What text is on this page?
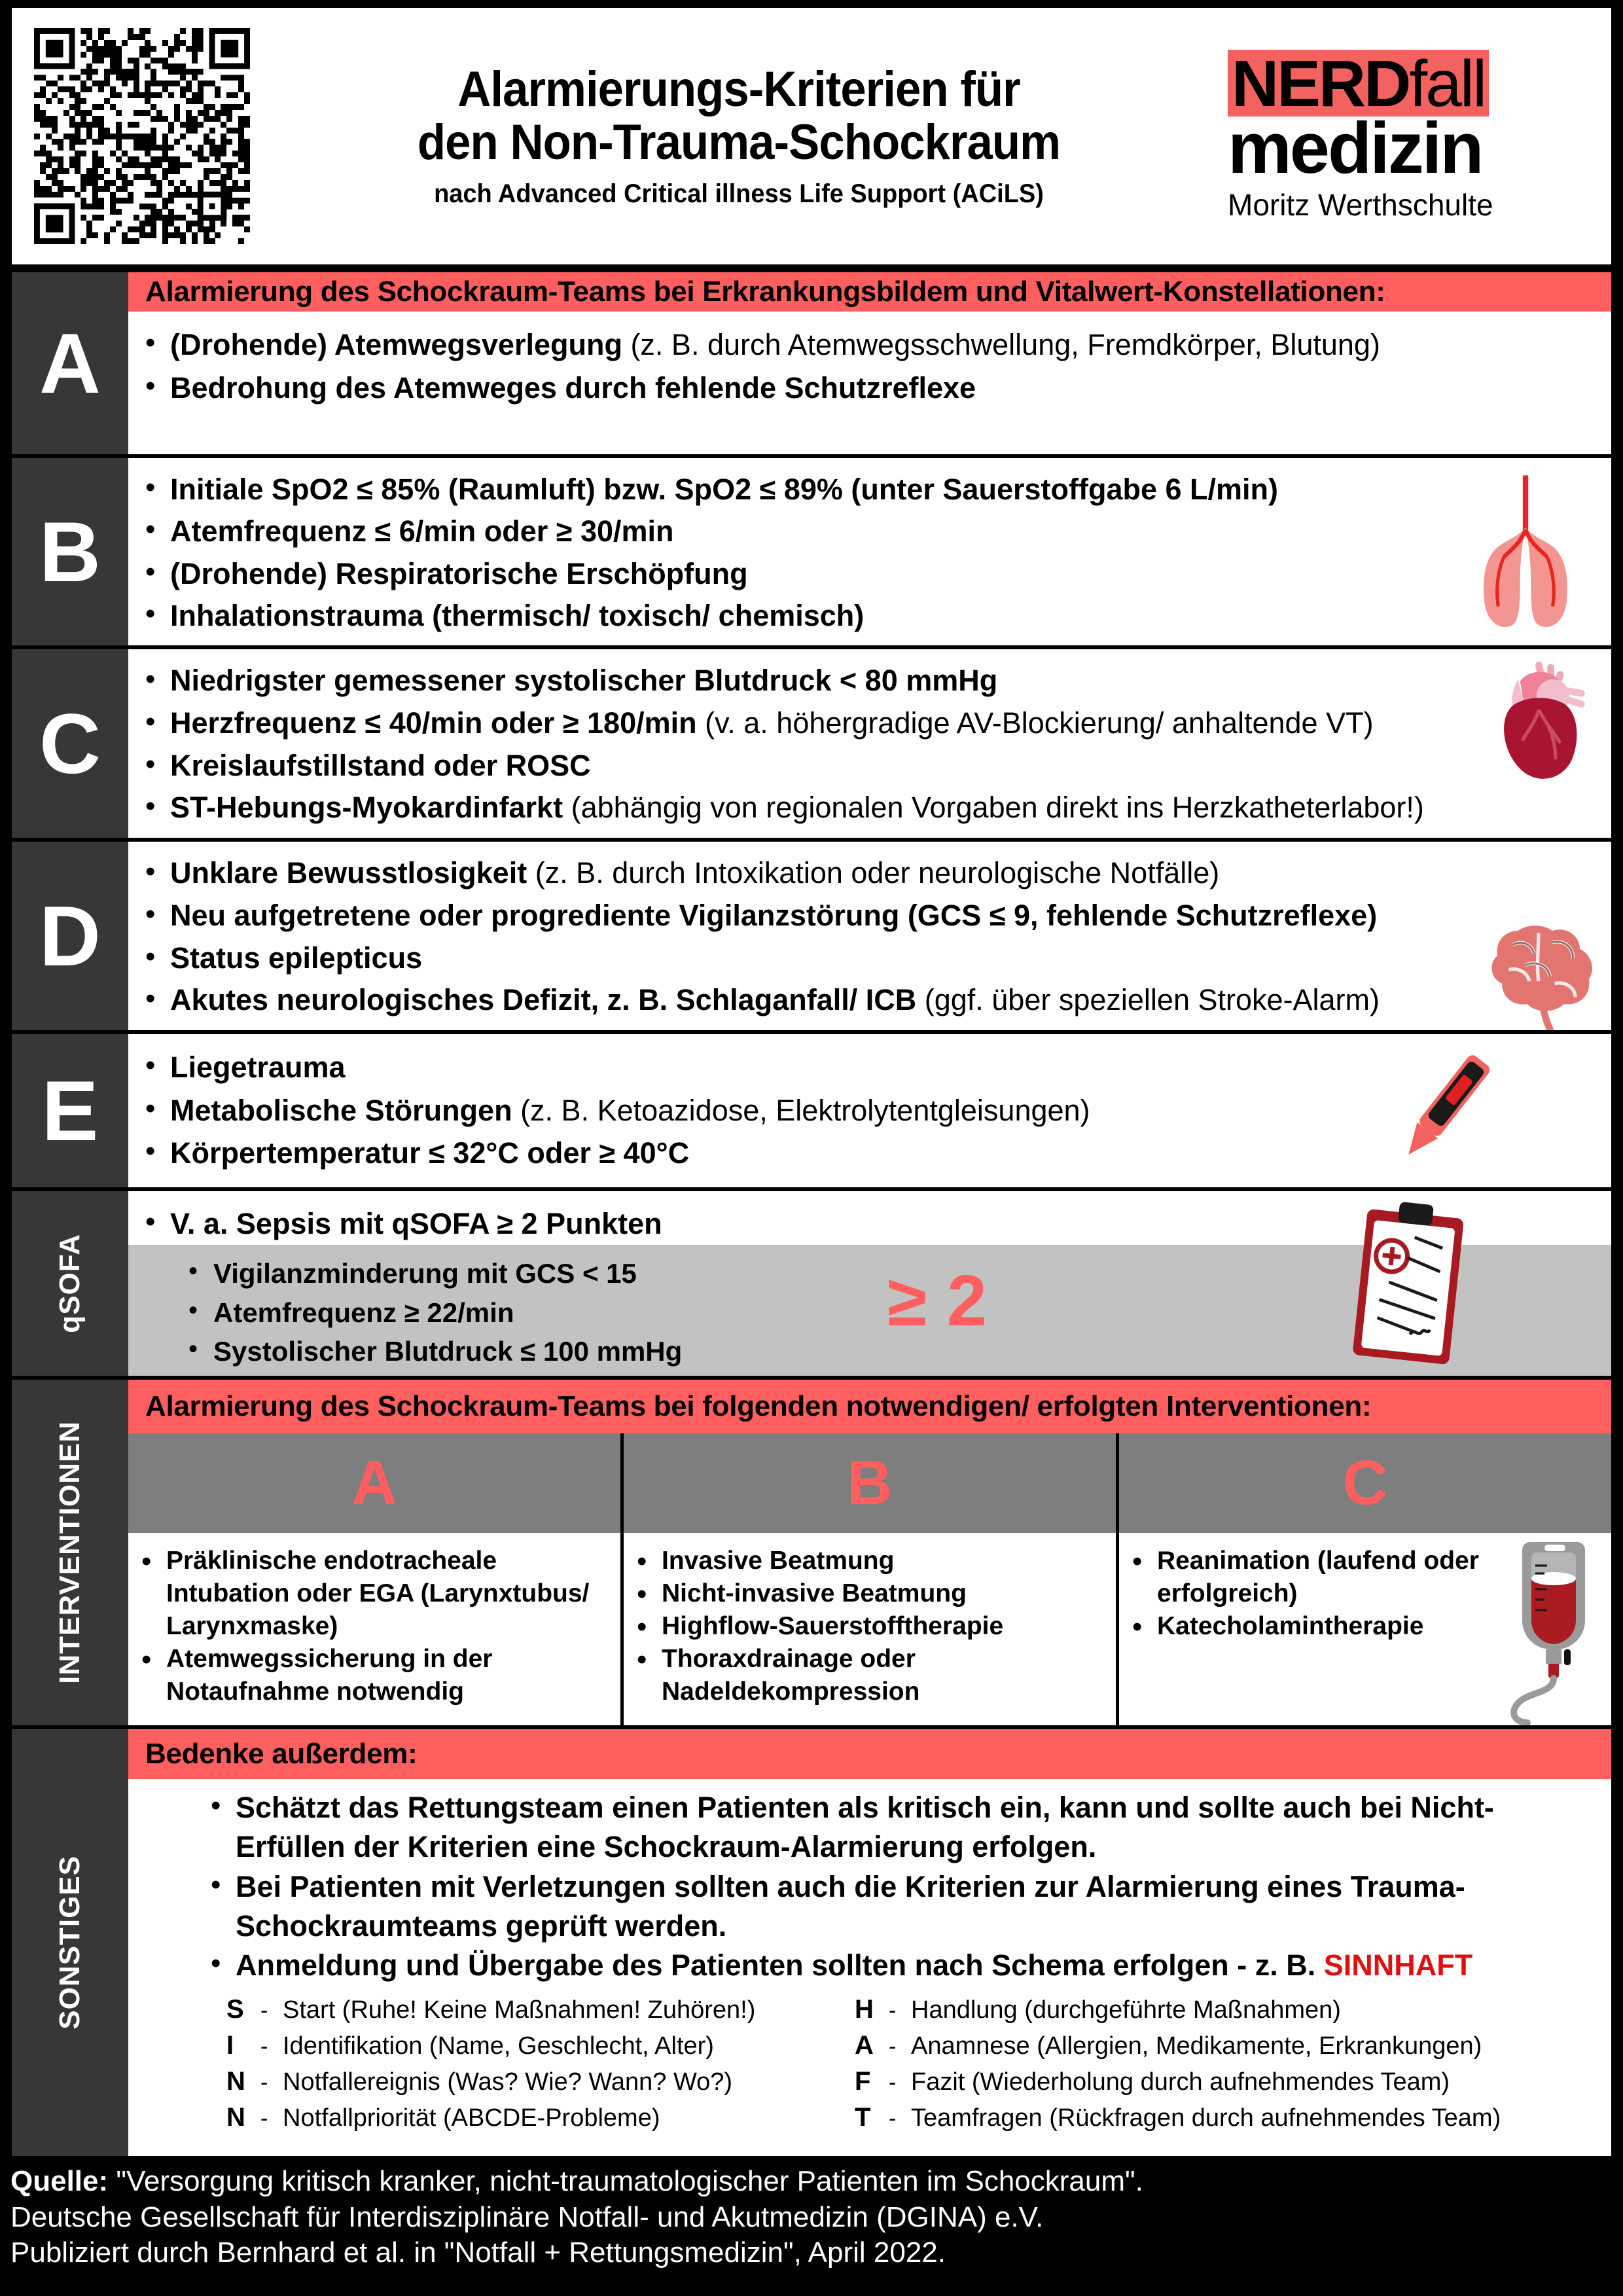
Alarmierungs-Kriterien für
den Non-Trauma-Schockraum
nach Advanced Critical illness Life Support (ACiLS)
NERDfall
medizin
Moritz Werthschulte
A
Alarmierung des Schockraum-Teams bei Erkrankungsbildem und Vitalwert-Konstellationen:
• (Drohende) Atemwegsverlegung (z. B. durch Atemwegsschwellung, Fremdkörper, Blutung)
• Bedrohung des Atemweges durch fehlende Schutzreflexe
B
• Initiale SpO2 ≤ 85% (Raumluft) bzw. SpO2 ≤ 89% (unter Sauerstoffgabe 6 L/min)
• Atemfrequenz ≤ 6/min oder ≥ 30/min
• (Drohende) Respiratorische Erschöpfung
• Inhalationstrauma (thermisch/ toxisch/ chemisch)
C
• Niedrigster gemessener systolischer Blutdruck < 80 mmHg
• Herzfrequenz ≤ 40/min oder ≥ 180/min (v. a. höhergradige AV-Blockierung/ anhaltende VT)
• Kreislaufstillstand oder ROSC
• ST-Hebungs-Myokardinfarkt (abhängig von regionalen Vorgaben direkt ins Herzkatheterlabor!)
D
• Unklare Bewusstlosigkeit (z. B. durch Intoxikation oder neurologische Notfälle)
• Neu aufgetretene oder progrediente Vigilanzstörung (GCS ≤ 9, fehlende Schutzreflexe)
• Status epilepticus
• Akutes neurologisches Defizit, z. B. Schlaganfall/ ICB (ggf. über speziellen Stroke-Alarm)
E	• Liegetrauma
• Metabolische Störungen (z. B. Ketoazidose, Elektrolytentgleisungen)
• Körpertemperatur ≤ 32°C oder ≥ 40°C
qSOFA
• V. a. Sepsis mit qSOFA ≥ 2 Punkten
• Vigilanzminderung mit GCS < 15
• Atemfrequenz ≥ 22/min
• Systolischer Blutdruck ≤ 100 mmHg
≥ 2
INTERVENTIONEN
Alarmierung des Schockraum-Teams bei folgenden notwendigen/ erfolgten Interventionen:
A
• Präklinische endotracheale Intubation oder EGA (Larynxtubus/ Larynxmaske)
• Atemwegssicherung in der Notaufnahme notwendig
B
• Invasive Beatmung
• Nicht-invasive Beatmung
• Highflow-Sauerstofftherapie
• Thoraxdrainage oder Nadeldekompression
C
• Reanimation (laufend oder erfolgreich)
• Katecholamintherapie
SONSTIGES
Bedenke außerdem:
• Schätzt das Rettungsteam einen Patienten als kritisch ein, kann und sollte auch bei Nicht-Erfüllen der Kriterien eine Schockraum-Alarmierung erfolgen.
• Bei Patienten mit Verletzungen sollten auch die Kriterien zur Alarmierung eines Trauma-Schockraumteams geprüft werden.
• Anmeldung und Übergabe des Patienten sollten nach Schema erfolgen - z. B. SINNHAFT
S - Start (Ruhe! Keine Maßnahmen! Zuhören!)
I	- Identifikation (Name, Geschlecht, Alter)
N - Notfallereignis (Was? Wie? Wann? Wo?)
N - Notfallpriorität (ABCDE-Probleme)
H - Handlung (durchgeführte Maßnahmen)
A - Anamnese (Allergien, Medikamente, Erkrankungen)
F - Fazit (Wiederholung durch aufnehmendes Team)
T - Teamfragen (Rückfragen durch aufnehmendes Team)
Quelle: "Versorgung kritisch kranker, nicht-traumatologischer Patienten im Schockraum".
Deutsche Gesellschaft für Interdisziplinäre Notfall- und Akutmedizin (DGINA) e.V.
Publiziert durch Bernhard et al. in "Notfall + Rettungsmedizin", April 2022.
